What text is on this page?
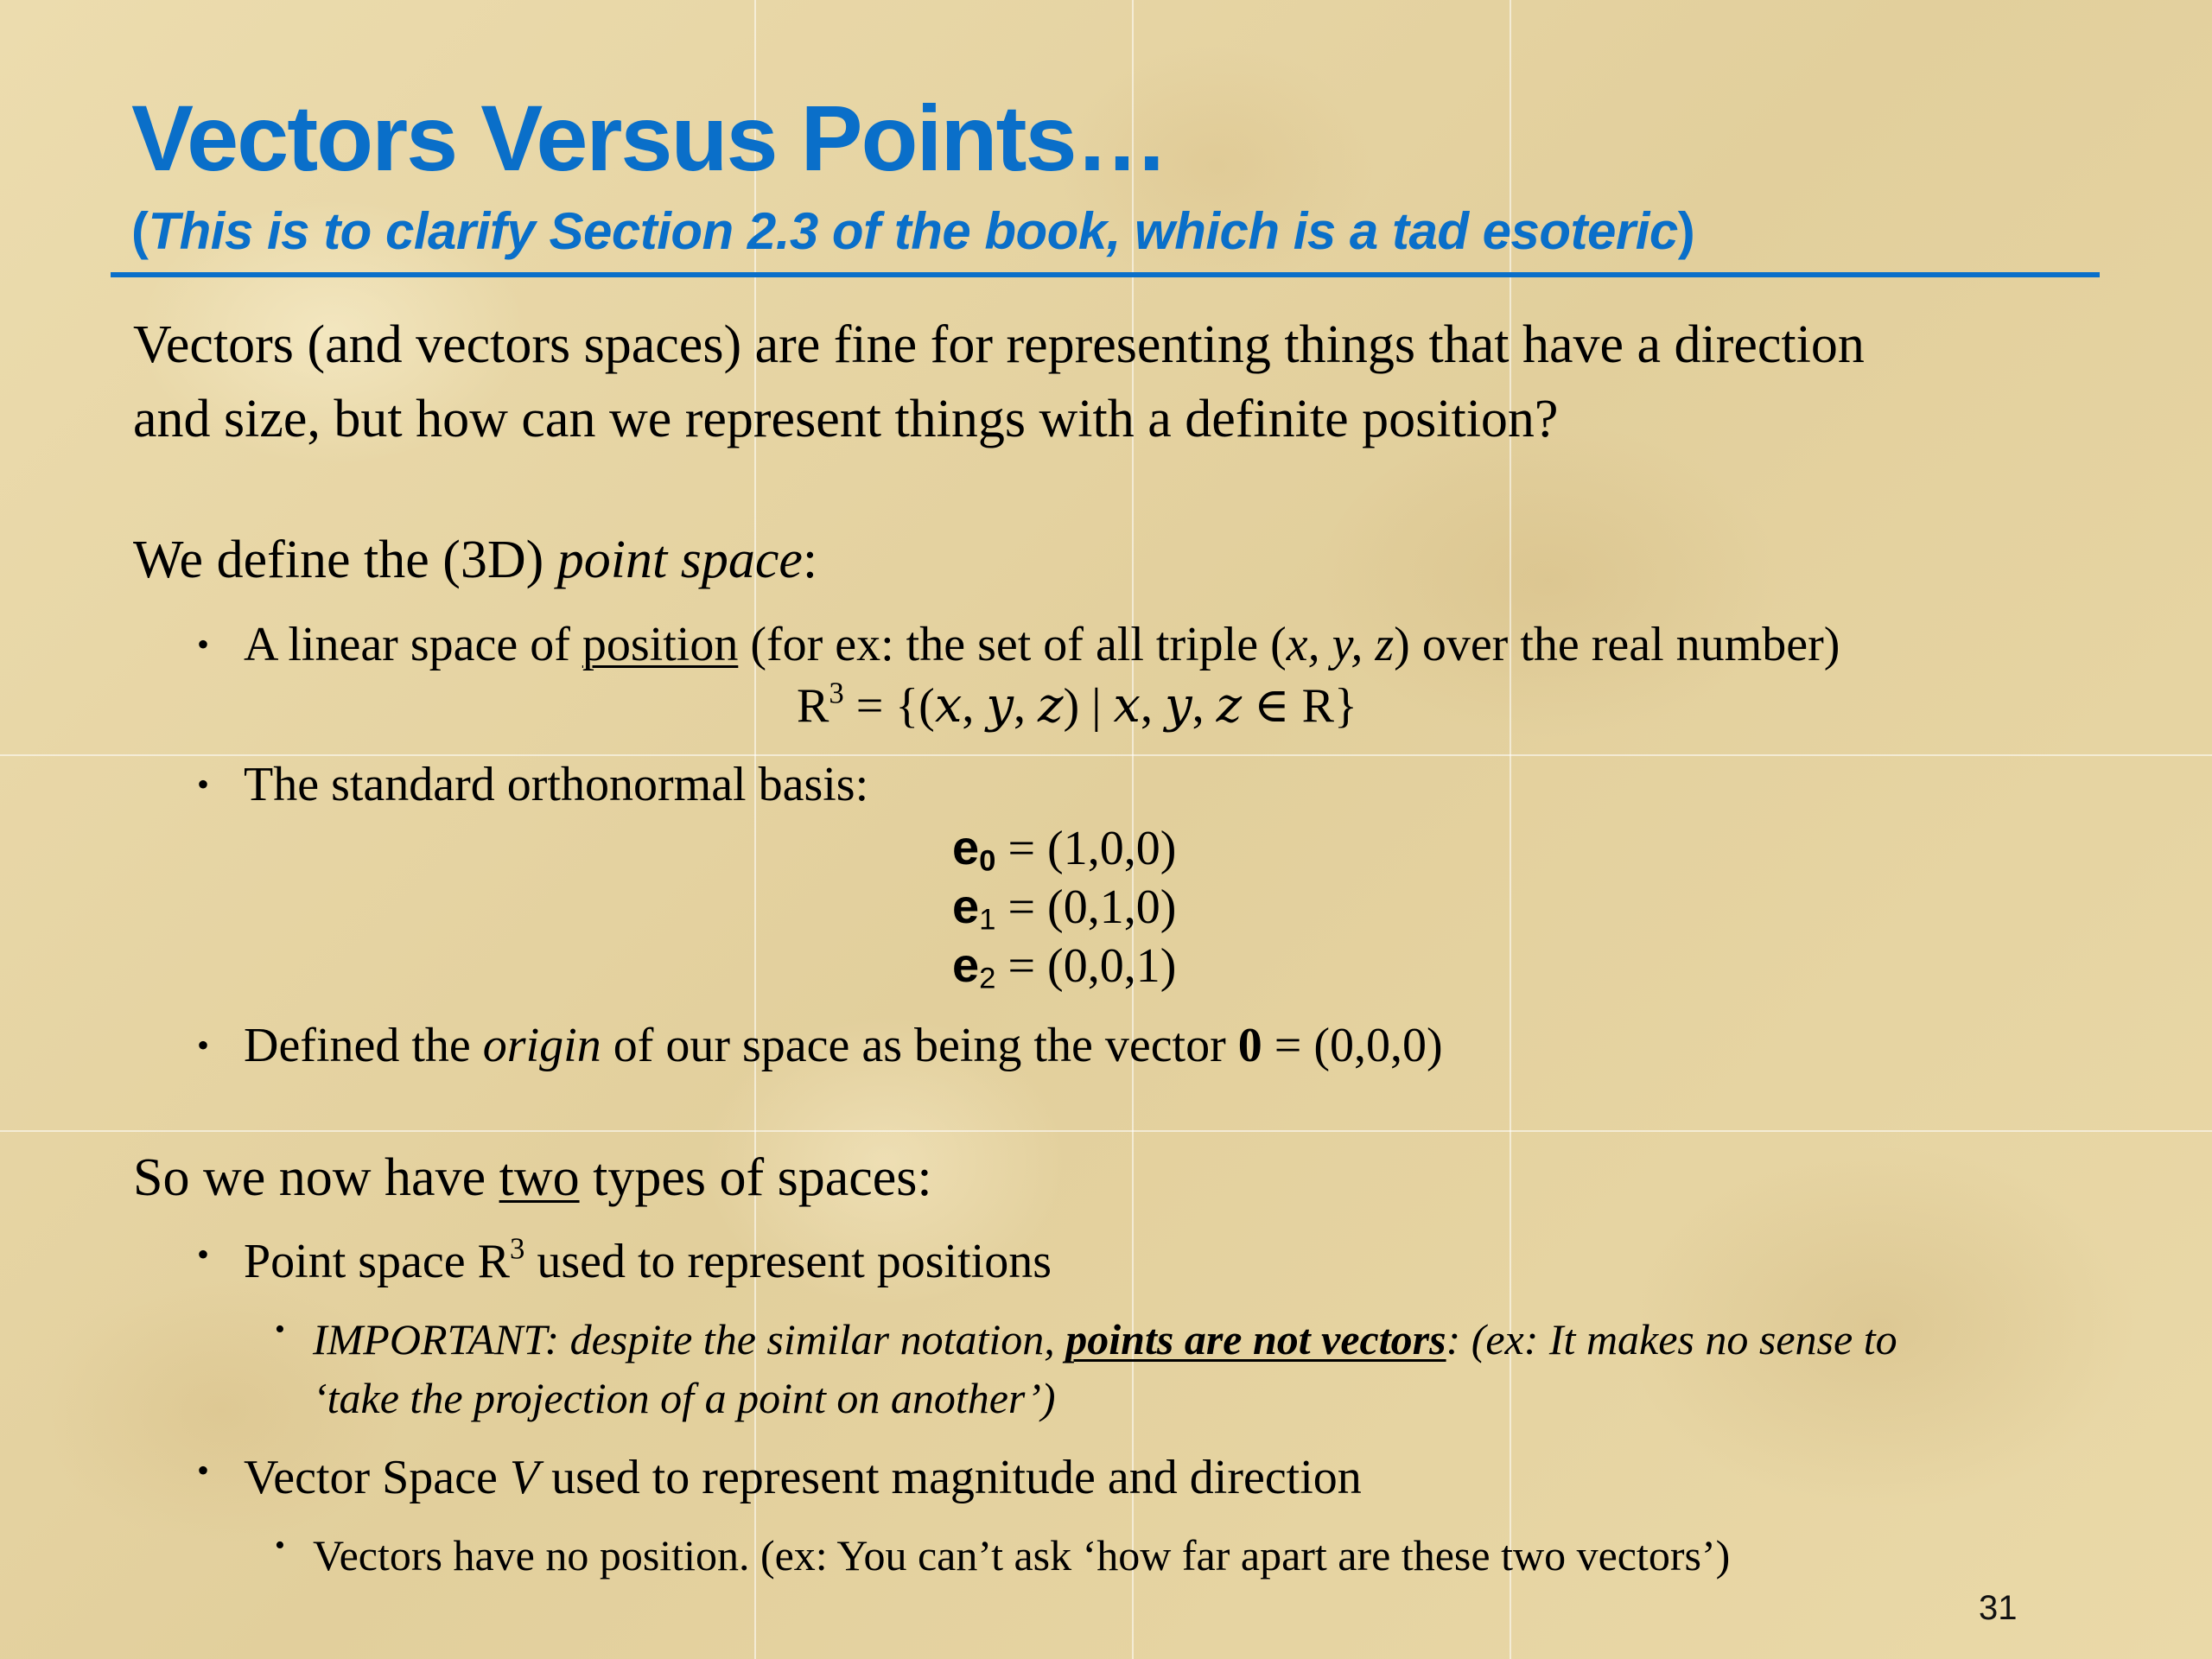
Vectors Versus Points…
(This is to clarify Section 2.3 of the book, which is a tad esoteric)
Vectors (and vectors spaces) are fine for representing things that have a direction
and size, but how can we represent things with a definite position?
We define the (3D) point space:
• A linear space of position (for ex: the set of all triple (x, y, z) over the real number)
$R^3$ = {(𝑥, 𝑦, 𝑧) | 𝑥, 𝑦, 𝑧 ∈ R}
• The standard orthonormal basis:
$e_0 = (1,0,0)$
$e_1 = (0,1,0)$
$e_2 = (0,0,1)$
• Defined the origin of our space as being the vector 0 = (0,0,0)
So we now have two types of spaces:
• Point space $R^3$ used to represent positions
• IMPORTANT: despite the similar notation, points are not vectors: (ex: It makes no sense to
‘take the projection of a point on another’)
• Vector Space V used to represent magnitude and direction
• Vectors have no position. (ex: You can’t ask ‘how far apart are these two vectors’)
31
